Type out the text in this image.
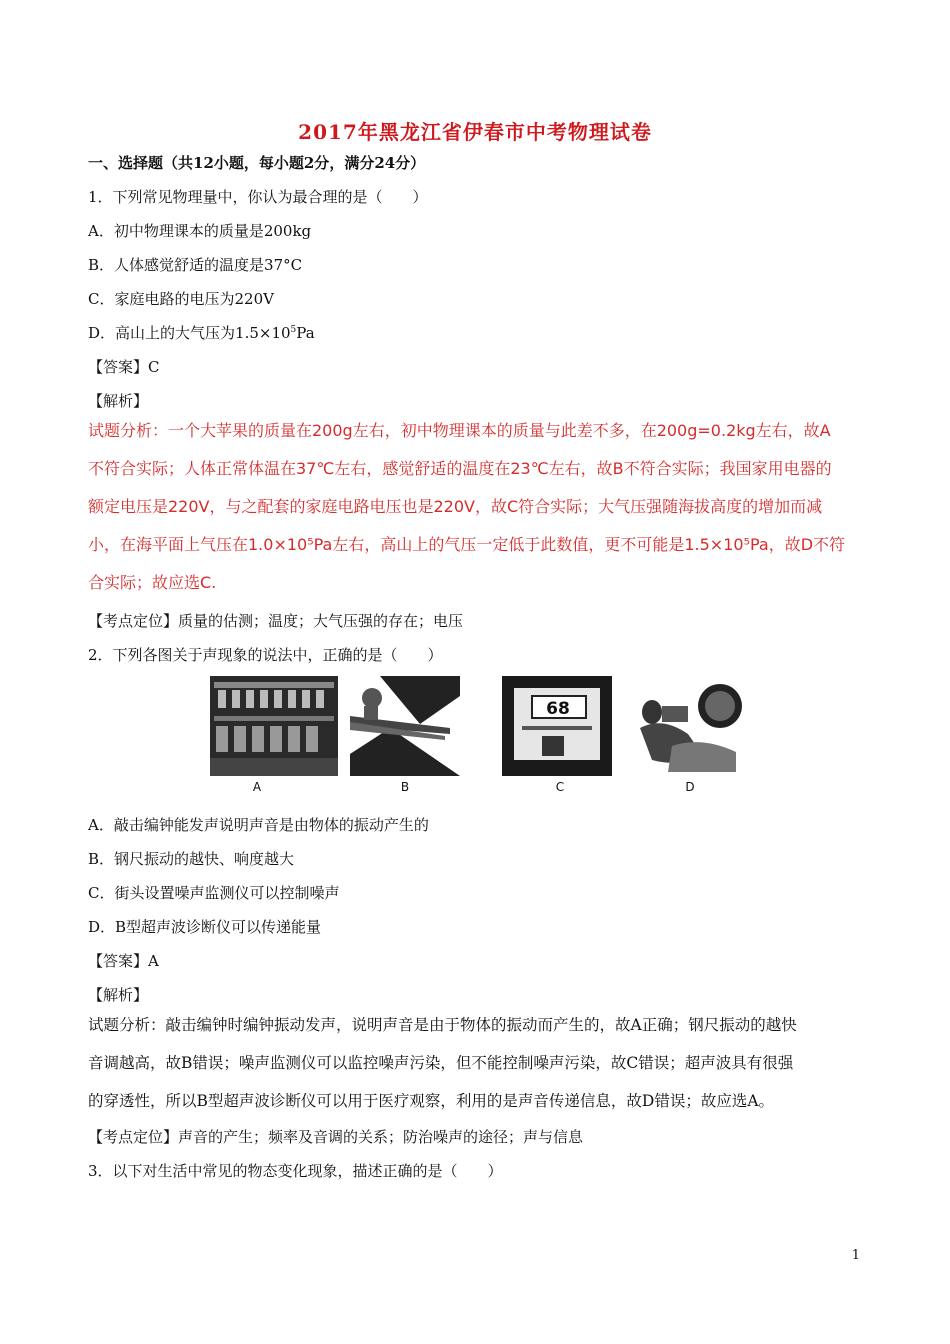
2017年黑龙江省伊春市中考物理试卷
一、选择题（共12小题，每小题2分，满分24分）
1．下列常见物理量中，你认为最合理的是（　　）
A．初中物理课本的质量是200kg
B．人体感觉舒适的温度是37°C
C．家庭电路的电压为220V
D．高山上的大气压为$1.5\times 10^5Pa$
【答案】C
【解析】
试题分析：一个大苹果的质量在200g左右，初中物理课本的质量与此差不多，在200g=0.2kg左右，故A
不符合实际；人体正常体温在37℃左右，感觉舒适的温度在23℃左右，故B不符合实际；我国家用电器的
额定电压是220V，与之配套的家庭电路电压也是220V，故C符合实际；大气压强随海拔高度的增加而减
小，在海平面上气压在1.0×10⁵Pa左右，高山上的气压一定低于此数值，更不可能是1.5×10⁵Pa，故D不符
合实际；故应选C.
【考点定位】质量的估测；温度；大气压强的存在；电压
2．下列各图关于声现象的说法中，正确的是（　　）
68
A	B	C	D
A．敲击编钟能发声说明声音是由物体的振动产生的
B．钢尺振动的越快、响度越大
C．街头设置噪声监测仪可以控制噪声
D．B型超声波诊断仪可以传递能量
【答案】A
【解析】
试题分析：敲击编钟时编钟振动发声，说明声音是由于物体的振动而产生的，故A正确；钢尺振动的越快
音调越高，故B错误；噪声监测仪可以监控噪声污染，但不能控制噪声污染，故C错误；超声波具有很强
的穿透性，所以B型超声波诊断仪可以用于医疗观察，利用的是声音传递信息，故D错误；故应选A。
【考点定位】声音的产生；频率及音调的关系；防治噪声的途径；声与信息
3．以下对生活中常见的物态变化现象，描述正确的是（　　）
1
